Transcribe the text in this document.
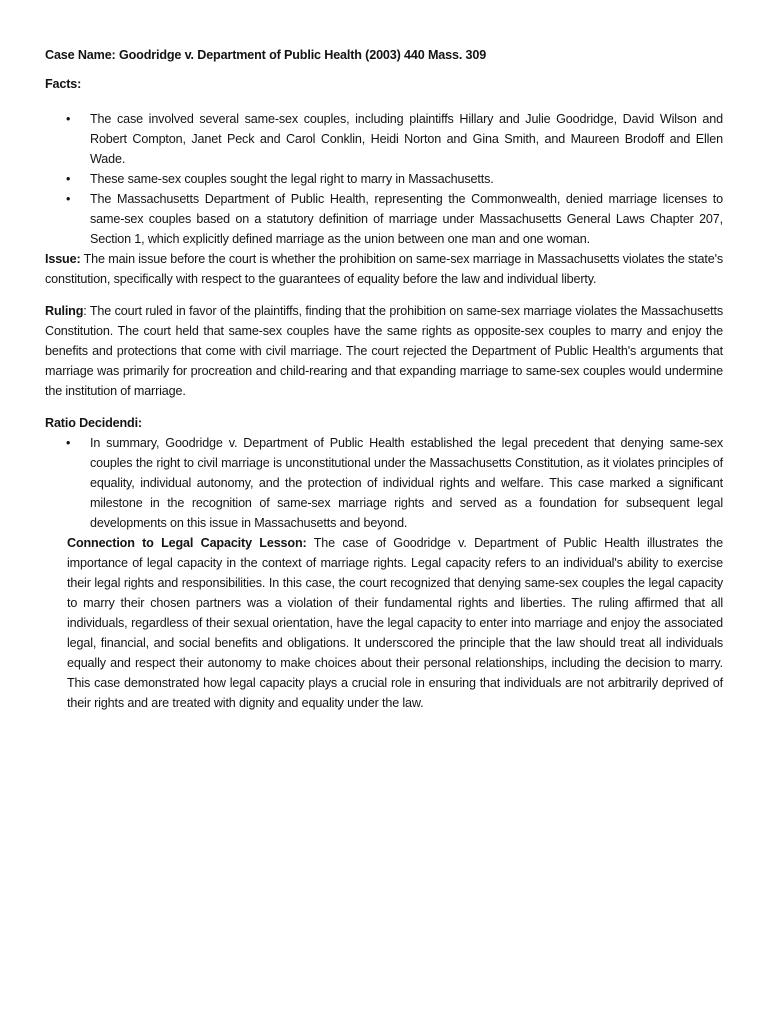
Case Name: Goodridge v. Department of Public Health (2003) 440 Mass. 309

Facts:

• The case involved several same-sex couples, including plaintiffs Hillary and Julie Goodridge, David Wilson and Robert Compton, Janet Peck and Carol Conklin, Heidi Norton and Gina Smith, and Maureen Brodoff and Ellen Wade.
• These same-sex couples sought the legal right to marry in Massachusetts.
• The Massachusetts Department of Public Health, representing the Commonwealth, denied marriage licenses to same-sex couples based on a statutory definition of marriage under Massachusetts General Laws Chapter 207, Section 1, which explicitly defined marriage as the union between one man and one woman.

Issue: The main issue before the court is whether the prohibition on same-sex marriage in Massachusetts violates the state's constitution, specifically with respect to the guarantees of equality before the law and individual liberty.

Ruling: The court ruled in favor of the plaintiffs, finding that the prohibition on same-sex marriage violates the Massachusetts Constitution. The court held that same-sex couples have the same rights as opposite-sex couples to marry and enjoy the benefits and protections that come with civil marriage. The court rejected the Department of Public Health's arguments that marriage was primarily for procreation and child-rearing and that expanding marriage to same-sex couples would undermine the institution of marriage.

Ratio Decidendi:

• In summary, Goodridge v. Department of Public Health established the legal precedent that denying same-sex couples the right to civil marriage is unconstitutional under the Massachusetts Constitution, as it violates principles of equality, individual autonomy, and the protection of individual rights and welfare. This case marked a significant milestone in the recognition of same-sex marriage rights and served as a foundation for subsequent legal developments on this issue in Massachusetts and beyond.

Connection to Legal Capacity Lesson: The case of Goodridge v. Department of Public Health illustrates the importance of legal capacity in the context of marriage rights. Legal capacity refers to an individual's ability to exercise their legal rights and responsibilities. In this case, the court recognized that denying same-sex couples the legal capacity to marry their chosen partners was a violation of their fundamental rights and liberties. The ruling affirmed that all individuals, regardless of their sexual orientation, have the legal capacity to enter into marriage and enjoy the associated legal, financial, and social benefits and obligations. It underscored the principle that the law should treat all individuals equally and respect their autonomy to make choices about their personal relationships, including the decision to marry. This case demonstrated how legal capacity plays a crucial role in ensuring that individuals are not arbitrarily deprived of their rights and are treated with dignity and equality under the law.
